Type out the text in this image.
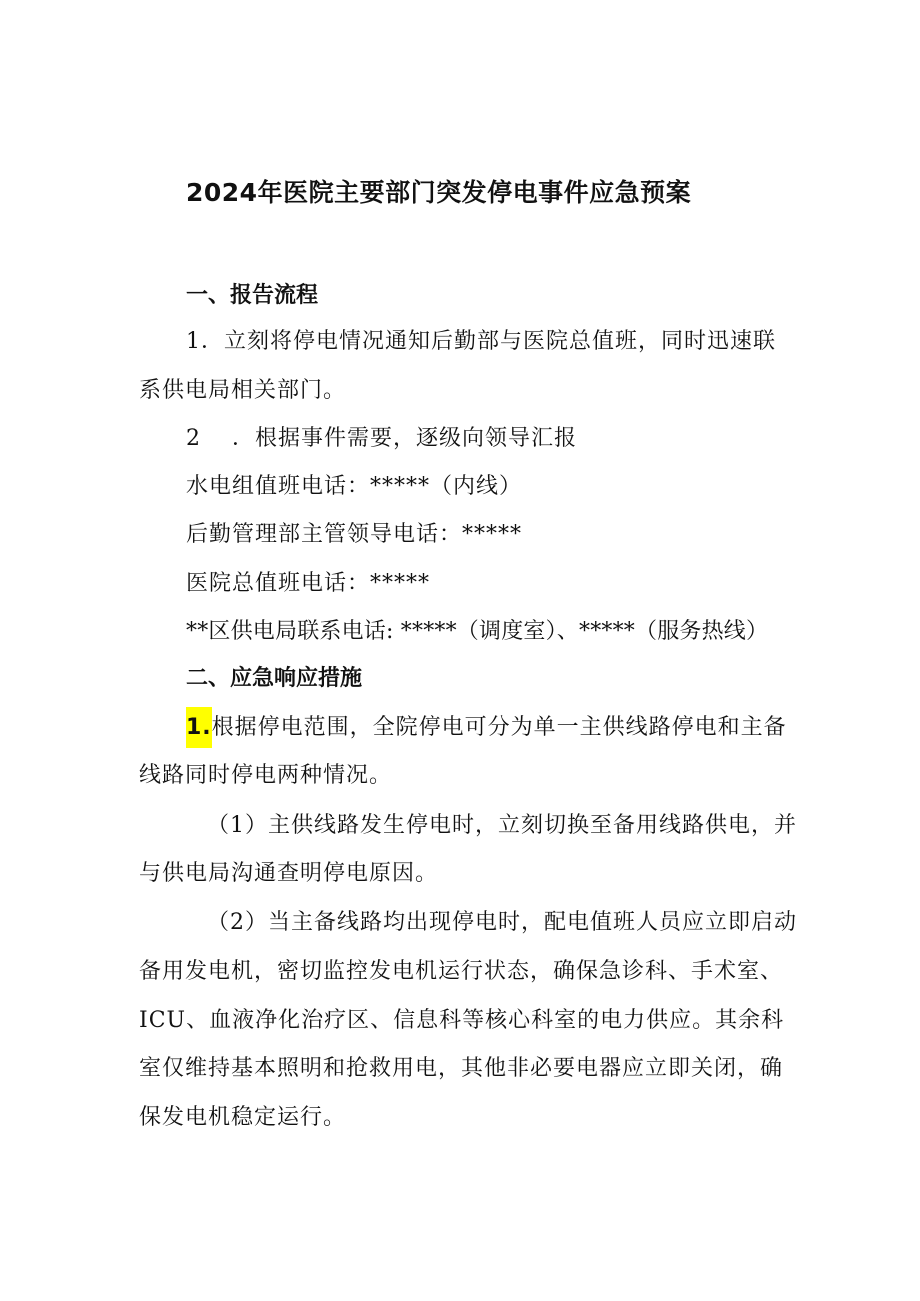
2024年医院主要部门突发停电事件应急预案
一、报告流程
1．立刻将停电情况通知后勤部与医院总值班，同时迅速联
系供电局相关部门。
2 ．根据事件需要，逐级向领导汇报
水电组值班电话：*****（内线）
后勤管理部主管领导电话：*****
医院总值班电话：*****
**区供电局联系电话: *****（调度室）、*****（服务热线）
二、应急响应措施
1.根据停电范围，全院停电可分为单一主供线路停电和主备
线路同时停电两种情况。
（1）主供线路发生停电时，立刻切换至备用线路供电，并
与供电局沟通查明停电原因。
（2）当主备线路均出现停电时，配电值班人员应立即启动
备用发电机，密切监控发电机运行状态，确保急诊科、手术室、
ICU、血液净化治疗区、信息科等核心科室的电力供应。其余科
室仅维持基本照明和抢救用电，其他非必要电器应立即关闭，确
保发电机稳定运行。
